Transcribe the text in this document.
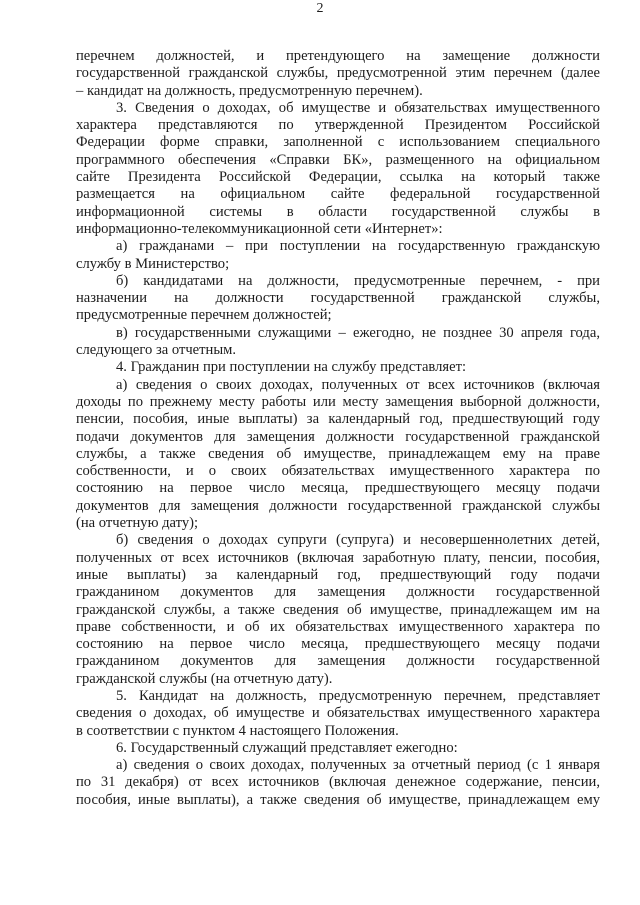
2
перечнем должностей, и претендующего на замещение должности
государственной гражданской службы, предусмотренной этим перечнем (далее
– кандидат на должность, предусмотренную перечнем).
3. Сведения о доходах, об имуществе и обязательствах имущественного
характера представляются по утвержденной Президентом Российской
Федерации форме справки, заполненной с использованием специального
программного обеспечения «Справки БК», размещенного на официальном
сайте Президента Российской Федерации, ссылка на который также
размещается на официальном сайте федеральной государственной
информационной системы в области государственной службы в
информационно-телекоммуникационной сети «Интернет»:
а) гражданами – при поступлении на государственную гражданскую
службу в Министерство;
б) кандидатами на должности, предусмотренные перечнем, - при
назначении на должности государственной гражданской службы,
предусмотренные перечнем должностей;
в) государственными служащими – ежегодно, не позднее 30 апреля года,
следующего за отчетным.
4. Гражданин при поступлении на службу представляет:
а) сведения о своих доходах, полученных от всех источников (включая
доходы по прежнему месту работы или месту замещения выборной должности,
пенсии, пособия, иные выплаты) за календарный год, предшествующий году
подачи документов для замещения должности государственной гражданской
службы, а также сведения об имуществе, принадлежащем ему на праве
собственности, и о своих обязательствах имущественного характера по
состоянию на первое число месяца, предшествующего месяцу подачи
документов для замещения должности государственной гражданской службы
(на отчетную дату);
б) сведения о доходах супруги (супруга) и несовершеннолетних детей,
полученных от всех источников (включая заработную плату, пенсии, пособия,
иные выплаты) за календарный год, предшествующий году подачи
гражданином документов для замещения должности государственной
гражданской службы, а также сведения об имуществе, принадлежащем им на
праве собственности, и об их обязательствах имущественного характера по
состоянию на первое число месяца, предшествующего месяцу подачи
гражданином документов для замещения должности государственной
гражданской службы (на отчетную дату).
5. Кандидат на должность, предусмотренную перечнем, представляет
сведения о доходах, об имуществе и обязательствах имущественного характера
в соответствии с пунктом 4 настоящего Положения.
6. Государственный служащий представляет ежегодно:
а) сведения о своих доходах, полученных за отчетный период (с 1 января
по 31 декабря) от всех источников (включая денежное содержание, пенсии,
пособия, иные выплаты), а также сведения об имуществе, принадлежащем ему
